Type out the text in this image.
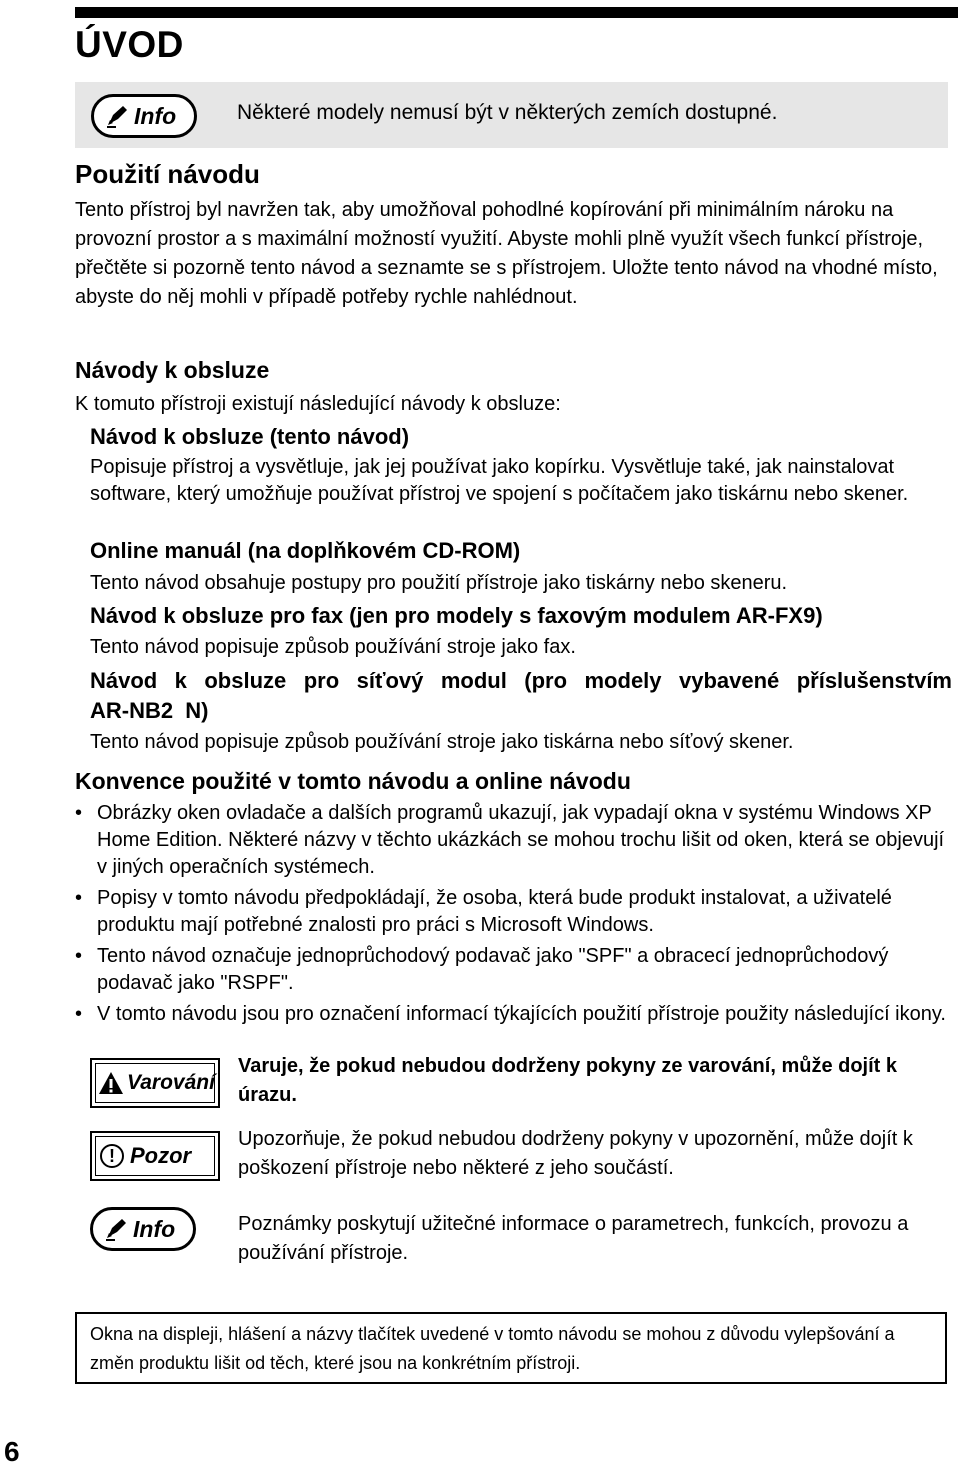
ÚVOD
Info	Některé modely nemusí být v některých zemích dostupné.
Použití návodu

Tento přístroj byl navržen tak, aby umožňoval pohodlné kopírování při minimálním nároku na provozní prostor a s maximální možností využití. Abyste mohli plně využít všech funkcí přístroje, přečtěte si pozorně tento návod a seznamte se s přístrojem. Uložte tento návod na vhodné místo, abyste do něj mohli v případě potřeby rychle nahlédnout.

Návody k obsluze

K tomuto přístroji existují následující návody k obsluze:

Návod k obsluze (tento návod)

Popisuje přístroj a vysvětluje, jak jej používat jako kopírku. Vysvětluje také, jak nainstalovat software, který umožňuje používat přístroj ve spojení s počítačem jako tiskárnu nebo skener.

Online manuál (na doplňkovém CD-ROM)

Tento návod obsahuje postupy pro použití přístroje jako tiskárny nebo skeneru.

Návod k obsluze pro fax (jen pro modely s faxovým modulem AR-FX9)

Tento návod popisuje způsob používání stroje jako fax.

Návod k obsluze pro síťový modul (pro modely vybavené příslušenstvím AR-NB2 N)

Tento návod popisuje způsob používání stroje jako tiskárna nebo síťový skener.

Konvence použité v tomto návodu a online návodu
• Obrázky oken ovladače a dalších programů ukazují, jak vypadají okna v systému Windows XP Home Edition. Některé názvy v těchto ukázkách se mohou trochu lišit od oken, která se objevují v jiných operačních systémech.
• Popisy v tomto návodu předpokládají, že osoba, která bude produkt instalovat, a uživatelé produktu mají potřebné znalosti pro práci s Microsoft Windows.
• Tento návod označuje jednoprůchodový podavač jako "SPF" a obracecí jednoprůchodový podavač jako "RSPF".
• V tomto návodu jsou pro označení informací týkajících použití přístroje použity následující ikony.
Varování

Varuje, že pokud nebudou dodrženy pokyny ze varování, může dojít k úrazu.

! Pozor

Upozorňuje, že pokud nebudou dodrženy pokyny v upozornění, může dojít k poškození přístroje nebo některé z jeho součástí.

Info	Poznámky poskytují užitečné informace o parametrech, funkcích, provozu a používání přístroje.

Okna na displeji, hlášení a názvy tlačítek uvedené v tomto návodu se mohou z důvodu vylepšování a změn produktu lišit od těch, které jsou na konkrétním přístroji.
6
